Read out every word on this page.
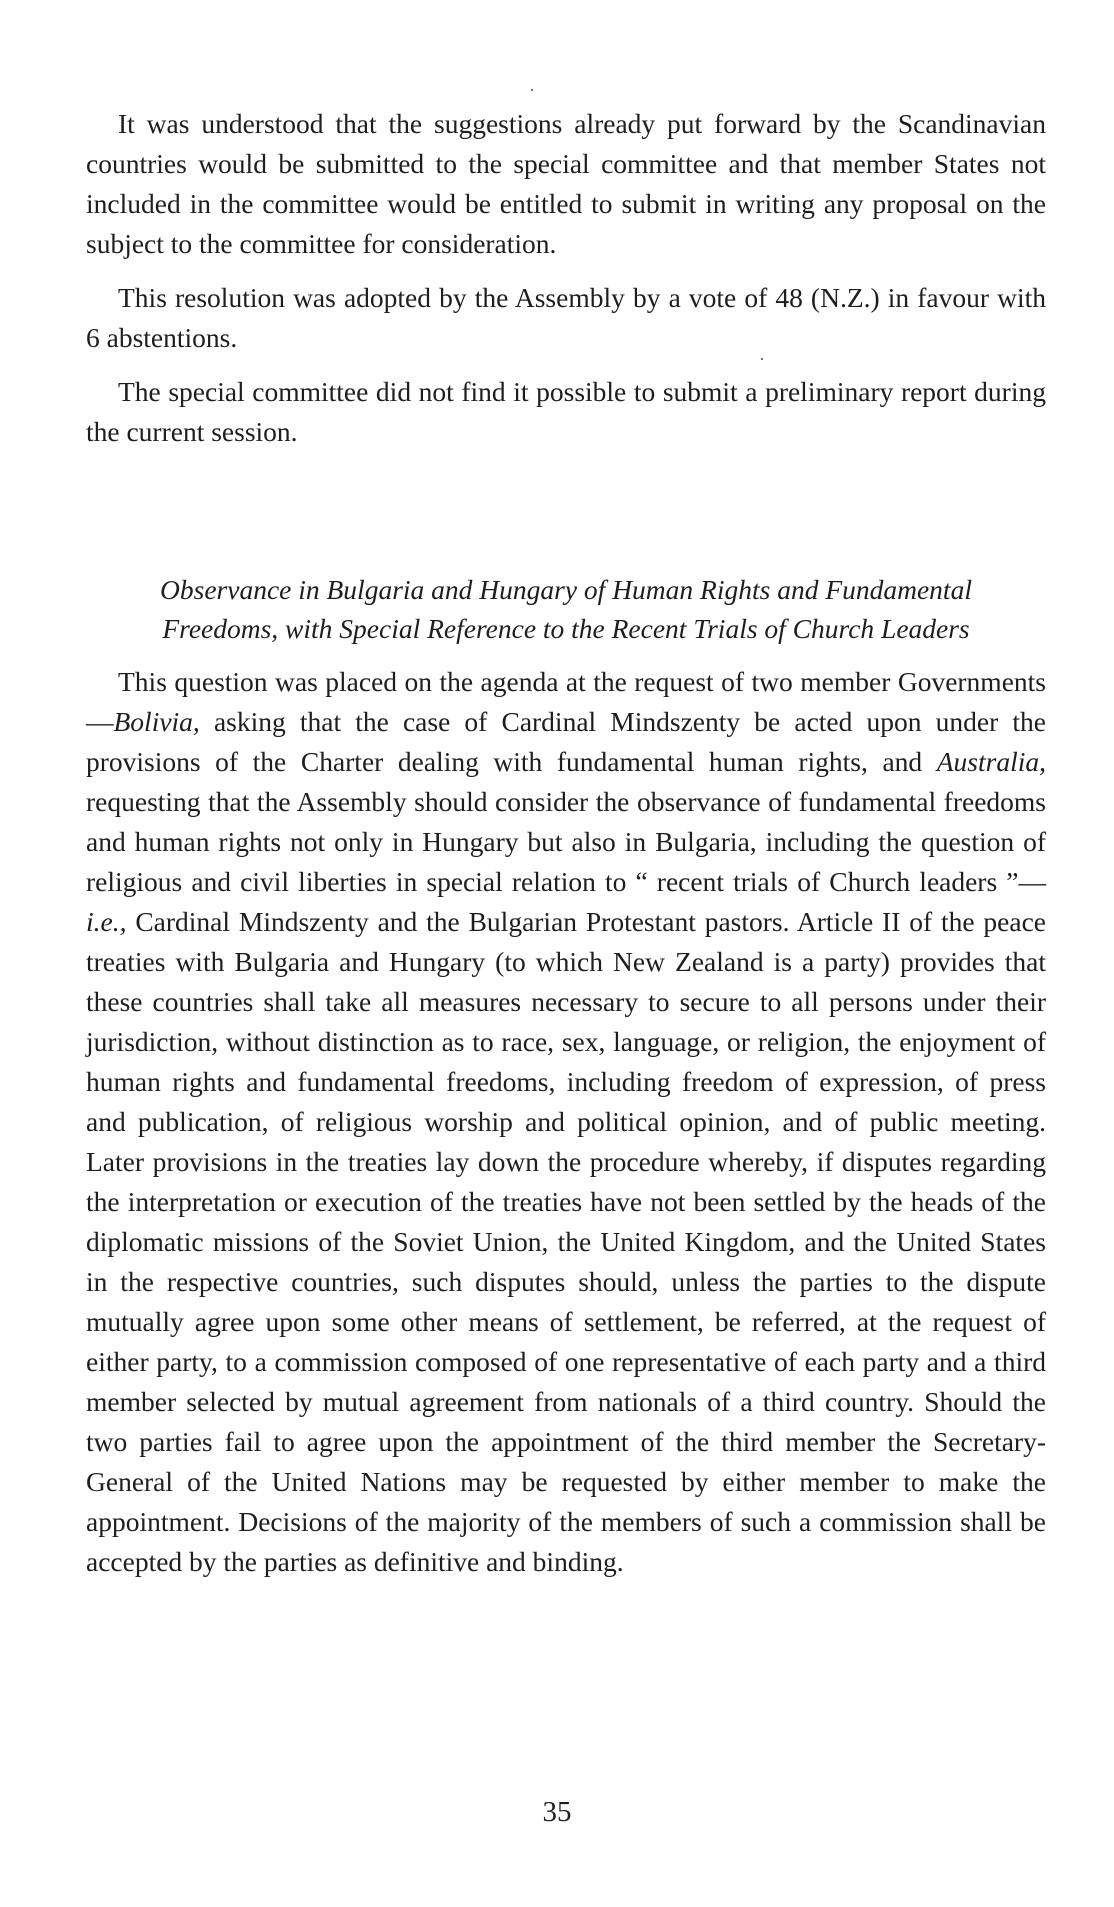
It was understood that the suggestions already put forward by the Scandinavian countries would be submitted to the special committee and that member States not included in the committee would be entitled to submit in writing any proposal on the subject to the committee for consideration.

This resolution was adopted by the Assembly by a vote of 48 (N.Z.) in favour with 6 abstentions.

The special committee did not find it possible to submit a preliminary report during the current session.

Observance in Bulgaria and Hungary of Human Rights and Fundamental Freedoms, with Special Reference to the Recent Trials of Church Leaders

This question was placed on the agenda at the request of two member Governments—Bolivia, asking that the case of Cardinal Mindszenty be acted upon under the provisions of the Charter dealing with fundamental human rights, and Australia, requesting that the Assembly should consider the observance of fundamental freedoms and human rights not only in Hungary but also in Bulgaria, including the question of religious and civil liberties in special relation to “ recent trials of Church leaders ”—i.e., Cardinal Mindszenty and the Bulgarian Protestant pastors. Article II of the peace treaties with Bulgaria and Hungary (to which New Zealand is a party) provides that these countries shall take all measures necessary to secure to all persons under their jurisdiction, without distinction as to race, sex, language, or religion, the enjoyment of human rights and fundamental freedoms, including freedom of expression, of press and publication, of religious worship and political opinion, and of public meeting. Later provisions in the treaties lay down the procedure whereby, if disputes regarding the interpretation or execution of the treaties have not been settled by the heads of the diplomatic missions of the Soviet Union, the United Kingdom, and the United States in the respective countries, such disputes should, unless the parties to the dispute mutually agree upon some other means of settlement, be referred, at the request of either party, to a commission composed of one representative of each party and a third member selected by mutual agreement from nationals of a third country. Should the two parties fail to agree upon the appointment of the third member the Secretary-General of the United Nations may be requested by either member to make the appointment. Decisions of the majority of the members of such a commission shall be accepted by the parties as definitive and binding.

35
